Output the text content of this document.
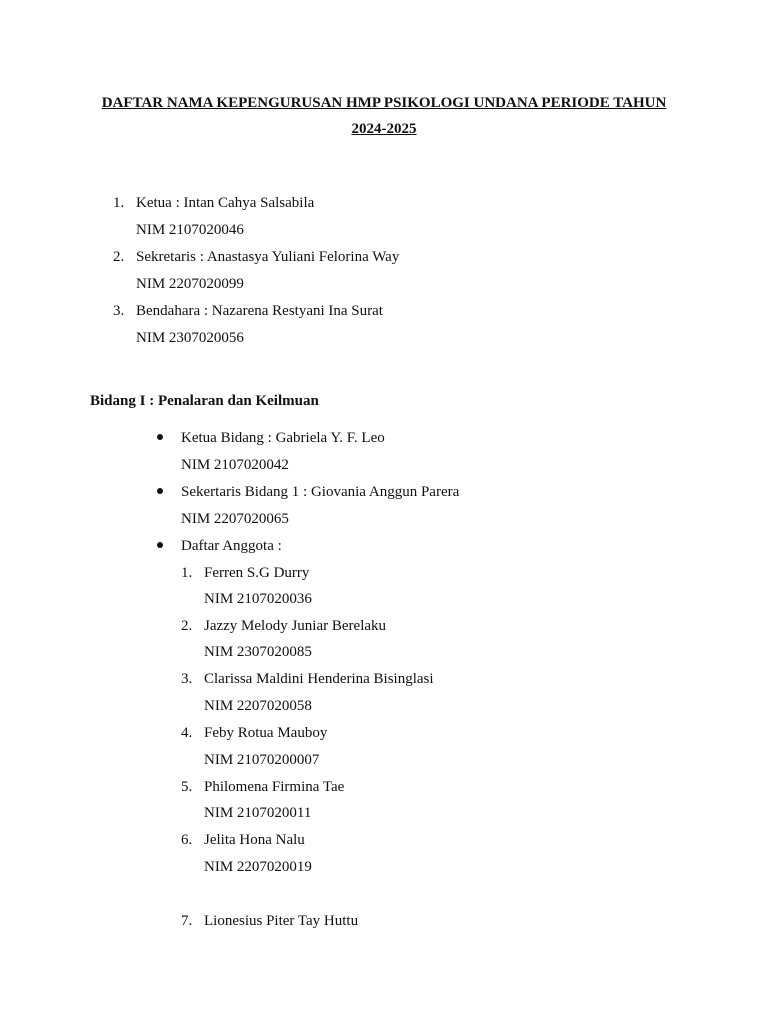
DAFTAR NAMA KEPENGURUSAN HMP PSIKOLOGI UNDANA PERIODE TAHUN

2024-2025

1. Ketua : Intan Cahya Salsabila
NIM 2107020046
2. Sekretaris : Anastasya Yuliani Felorina Way
NIM 2207020099
3. Bendahara : Nazarena Restyani Ina Surat
NIM 2307020056
Bidang I : Penalaran dan Keilmuan
Ketua Bidang : Gabriela Y. F. Leo
NIM 2107020042
Sekertaris Bidang 1 : Giovania Anggun Parera
NIM 2207020065
Daftar Anggota :
1. Ferren S.G Durry
NIM 2107020036
2. Jazzy Melody Juniar Berelaku
NIM 2307020085
3. Clarissa Maldini Henderina Bisinglasi
NIM 2207020058
4. Feby Rotua Mauboy
NIM 21070200007
5. Philomena Firmina Tae
NIM 2107020011
6. Jelita Hona Nalu
NIM 2207020019
7. Lionesius Piter Tay Huttu
